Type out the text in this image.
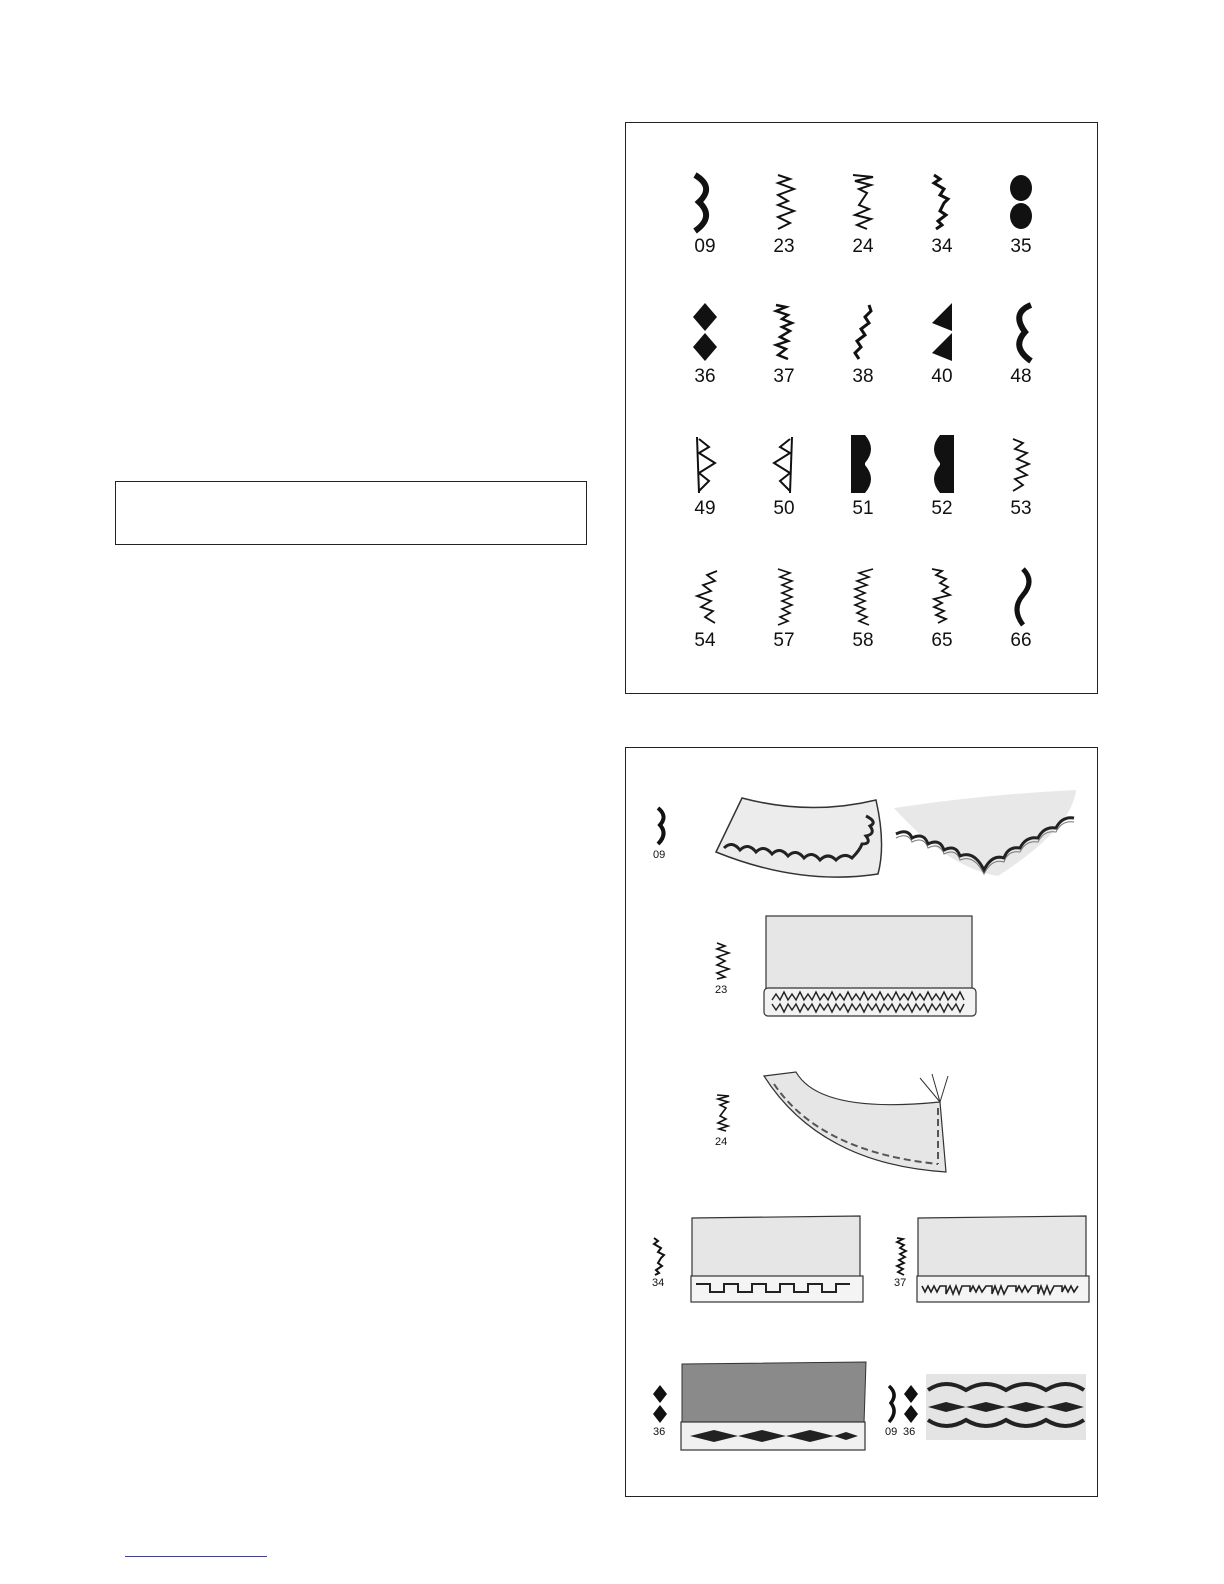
09	23	24	34	35
36	37	38	40	48
49	50	51	52	53
54	57	58	65	66
09
23
24
34	37
36	09 36
